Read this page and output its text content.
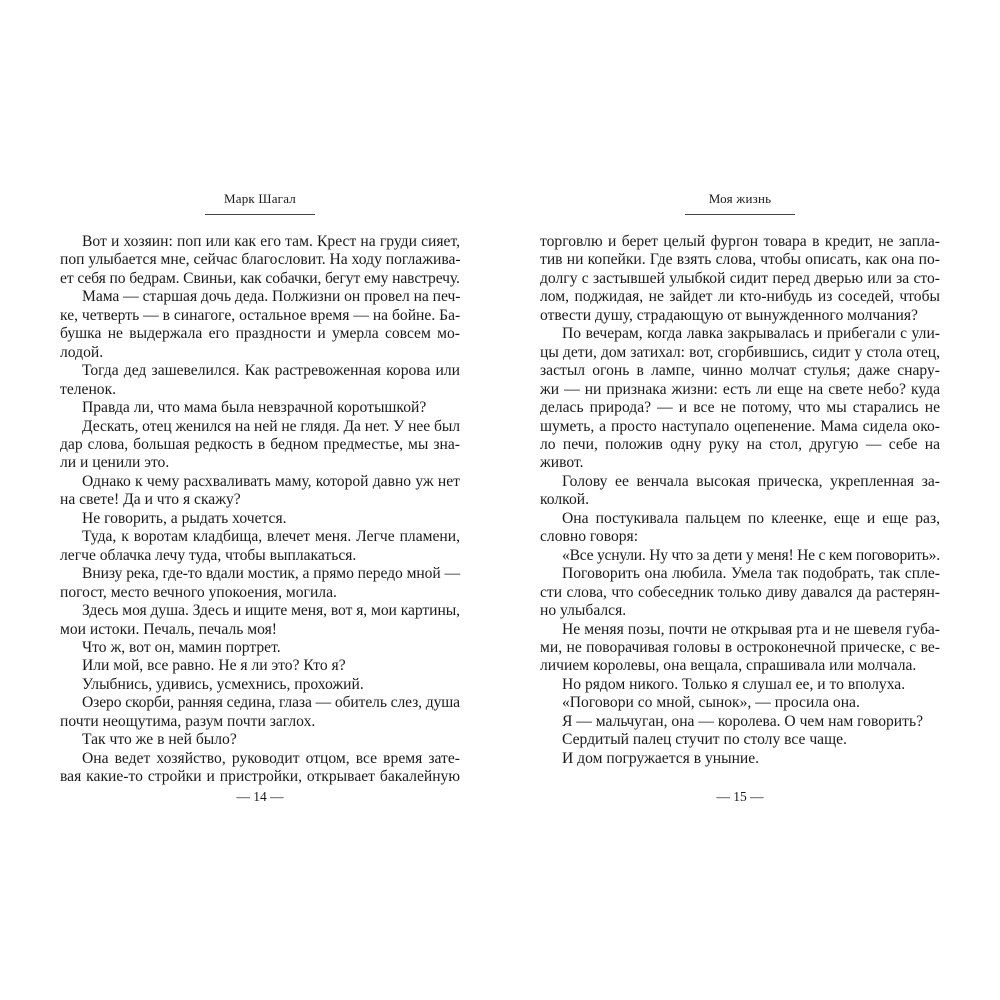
Марк Шагал
Вот и хозяин: поп или как его там. Крест на груди сияет,
поп улыбается мне, сейчас благословит. На ходу поглажива-
ет себя по бедрам. Свиньи, как собачки, бегут ему навстречу.
Мама — старшая дочь деда. Полжизни он провел на печ-
ке, четверть — в синагоге, остальное время — на бойне. Ба-
бушка не выдержала его праздности и умерла совсем мо-
лодой.
Тогда дед зашевелился. Как растревоженная корова или
теленок.
Правда ли, что мама была невзрачной коротышкой?
Дескать, отец женился на ней не глядя. Да нет. У нее был
дар слова, большая редкость в бедном предместье, мы зна-
ли и ценили это.
Однако к чему расхваливать маму, которой давно уж нет
на свете! Да и что я скажу?
Не говорить, а рыдать хочется.
Туда, к воротам кладбища, влечет меня. Легче пламени,
легче облачка лечу туда, чтобы выплакаться.
Внизу река, где-то вдали мостик, а прямо передо мной —
погост, место вечного упокоения, могила.
Здесь моя душа. Здесь и ищите меня, вот я, мои картины,
мои истоки. Печаль, печаль моя!
Что ж, вот он, мамин портрет.
Или мой, все равно. Не я ли это? Кто я?
Улыбнись, удивись, усмехнись, прохожий.
Озеро скорби, ранняя седина, глаза — обитель слез, душа
почти неощутима, разум почти заглох.
Так что же в ней было?
Она ведет хозяйство, руководит отцом, все время зате-
вая какие-то стройки и пристройки, открывает бакалейную
— 14 —
Моя жизнь
торговлю и берет целый фургон товара в кредит, не запла-
тив ни копейки. Где взять слова, чтобы описать, как она по-
долгу с застывшей улыбкой сидит перед дверью или за сто-
лом, поджидая, не зайдет ли кто-нибудь из соседей, чтобы
отвести душу, страдающую от вынужденного молчания?
По вечерам, когда лавка закрывалась и прибегали с ули-
цы дети, дом затихал: вот, сгорбившись, сидит у стола отец,
застыл огонь в лампе, чинно молчат стулья; даже снару-
жи — ни признака жизни: есть ли еще на свете небо? куда
делась природа? — и все не потому, что мы старались не
шуметь, а просто наступало оцепенение. Мама сидела око-
ло печи, положив одну руку на стол, другую — себе на
живот.
Голову ее венчала высокая прическа, укрепленная за-
колкой.
Она постукивала пальцем по клеенке, еще и еще раз,
словно говоря:
«Все уснули. Ну что за дети у меня! Не с кем поговорить».
Поговорить она любила. Умела так подобрать, так спле-
сти слова, что собеседник только диву давался да растерян-
но улыбался.
Не меняя позы, почти не открывая рта и не шевеля губа-
ми, не поворачивая головы в остроконечной прическе, с ве-
личием королевы, она вещала, спрашивала или молчала.
Но рядом никого. Только я слушал ее, и то вполуха.
«Поговори со мной, сынок», — просила она.
Я — мальчуган, она — королева. О чем нам говорить?
Сердитый палец стучит по столу все чаще.
И дом погружается в уныние.
— 15 —
